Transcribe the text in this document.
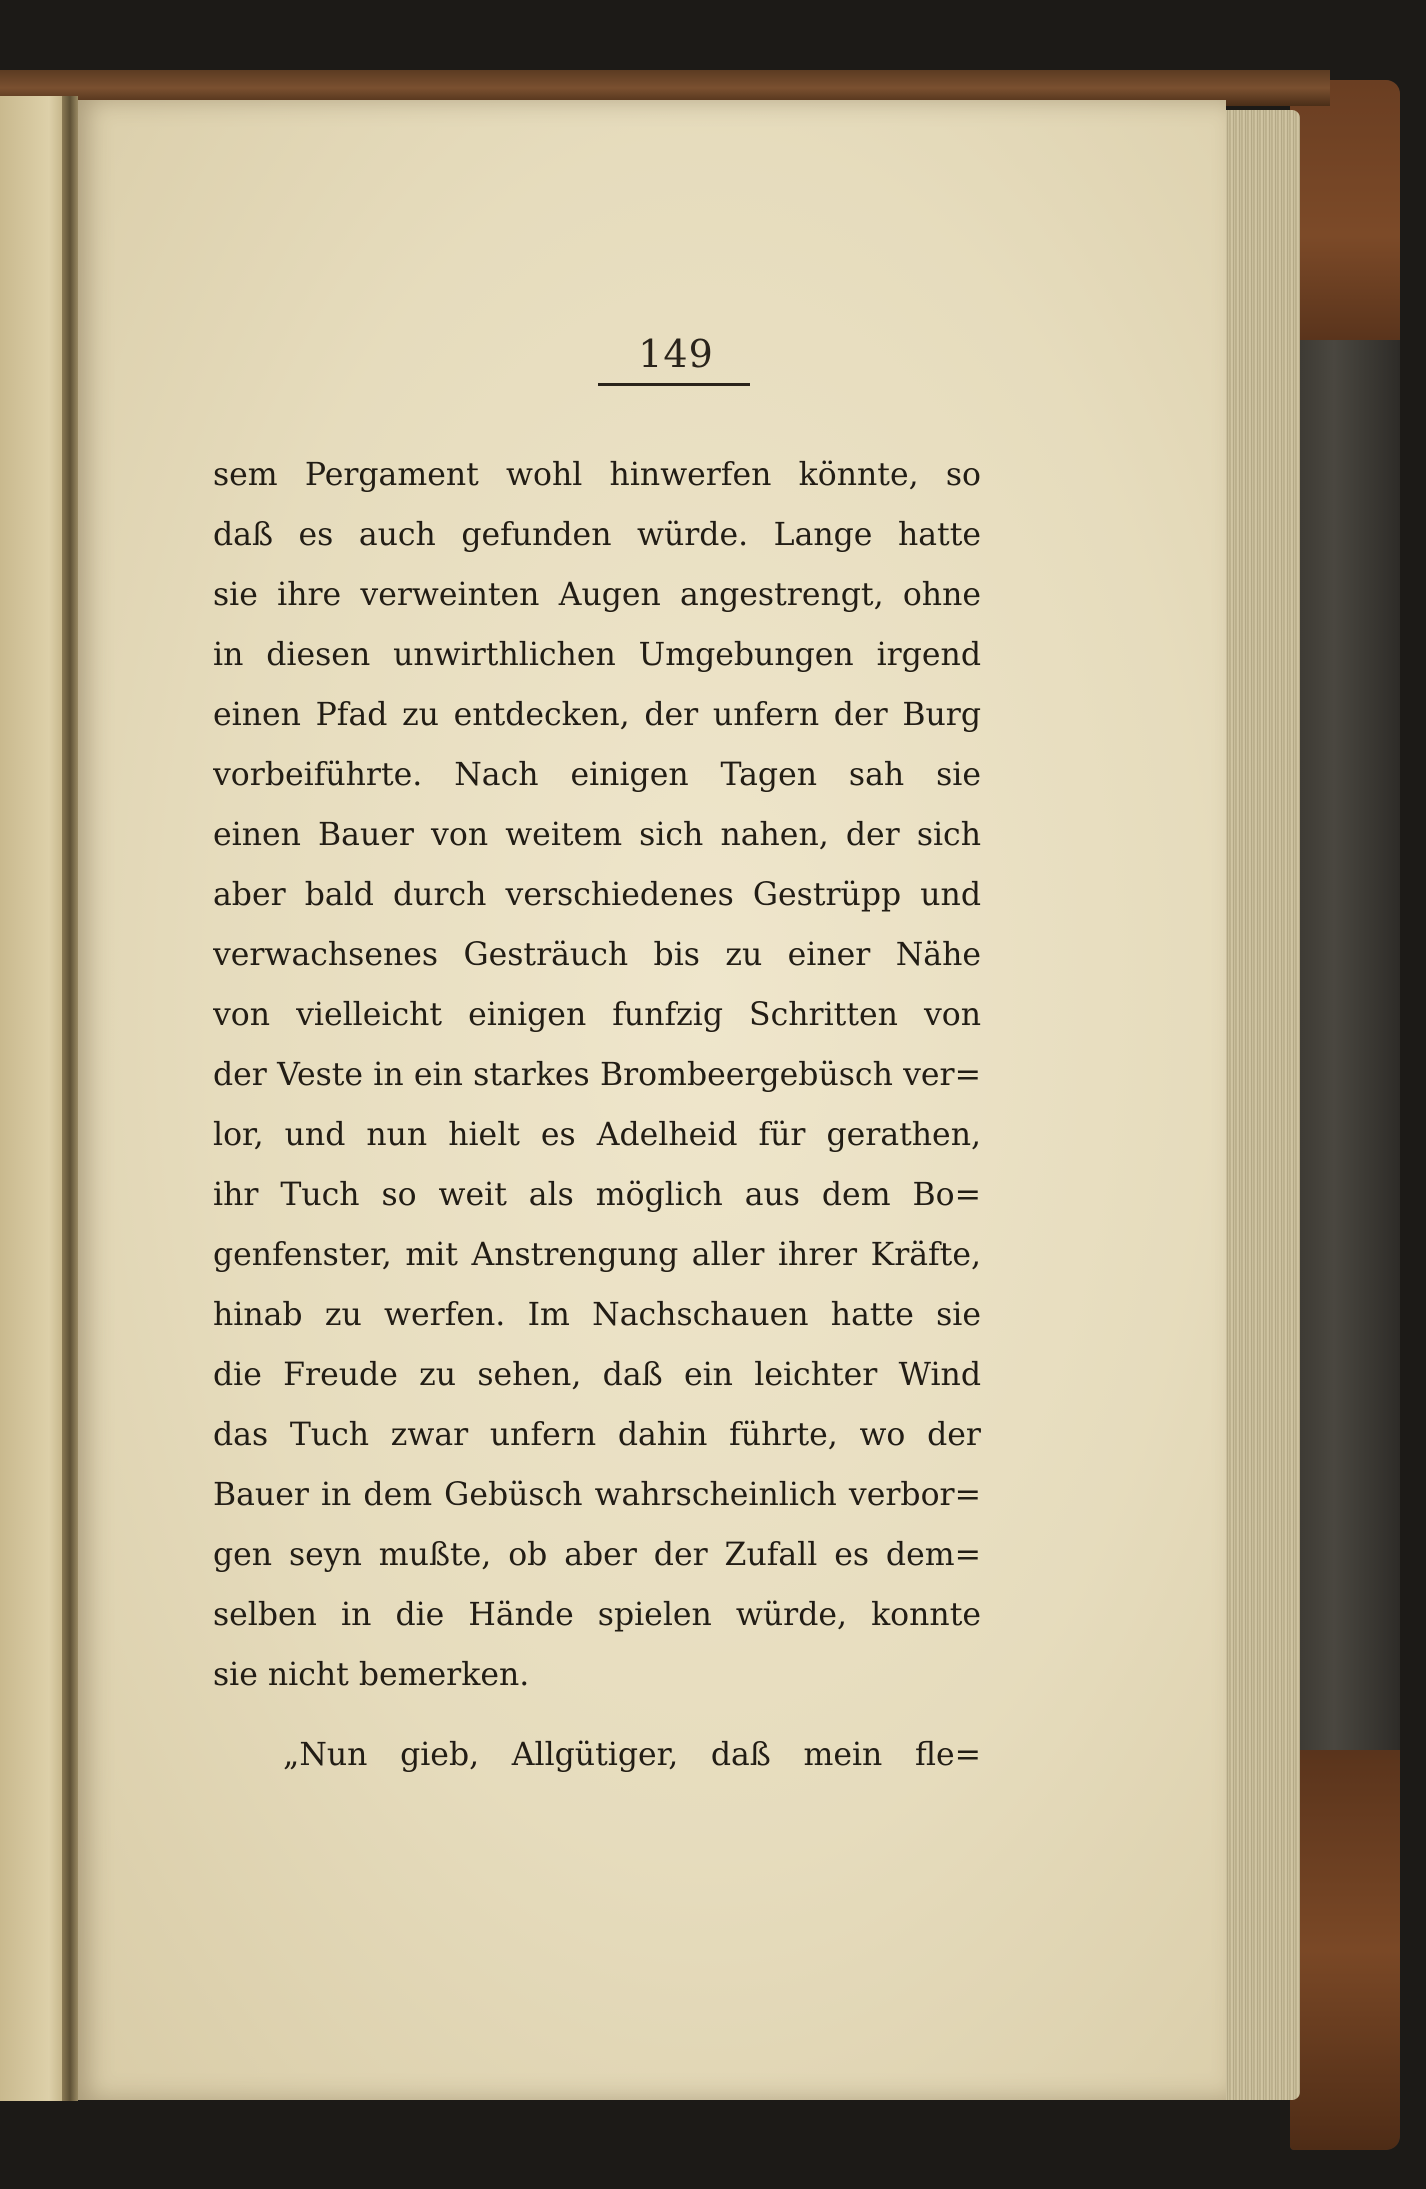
149
sem Pergament wohl hinwerfen könnte, so
daß es auch gefunden würde. Lange hatte
sie ihre verweinten Augen angestrengt, ohne
in diesen unwirthlichen Umgebungen irgend
einen Pfad zu entdecken, der unfern der Burg
vorbeiführte. Nach einigen Tagen sah sie
einen Bauer von weitem sich nahen, der sich
aber bald durch verschiedenes Gestrüpp und
verwachsenes Gesträuch bis zu einer Nähe
von vielleicht einigen funfzig Schritten von
der Veste in ein starkes Brombeergebüsch ver=
lor, und nun hielt es Adelheid für gerathen,
ihr Tuch so weit als möglich aus dem Bo=
genfenster, mit Anstrengung aller ihrer Kräfte,
hinab zu werfen. Im Nachschauen hatte sie
die Freude zu sehen, daß ein leichter Wind
das Tuch zwar unfern dahin führte, wo der
Bauer in dem Gebüsch wahrscheinlich verbor=
gen seyn mußte, ob aber der Zufall es dem=
selben in die Hände spielen würde, konnte
sie nicht bemerken.
„Nun gieb, Allgütiger, daß mein fle=
